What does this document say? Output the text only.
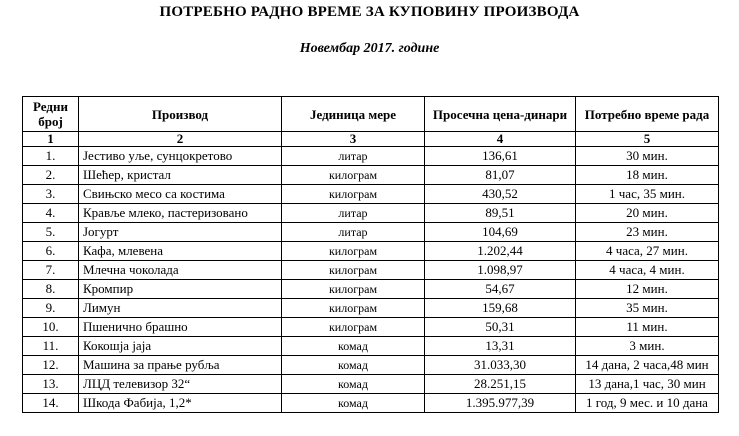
ПОТРЕБНО РАДНО ВРЕМЕ ЗА КУПОВИНУ ПРОИЗВОДА
Новембар 2017. године
Редни број	Производ	Јединица мере	Просечна цена-динари	Потребно време рада
1	2	3	4	5
1.	Јестиво уље, сунцокретово	литар	136,61	30 мин.
2.	Шећер, кристал	килограм	81,07	18 мин.
3.	Свињско месо са костима	килограм	430,52	1 час, 35 мин.
4.	Крављe млеко, пастеризовано	литар	89,51	20 мин.
5.	Јогурт	литар	104,69	23 мин.
6.	Кафа, млевена	килограм	1.202,44	4 часа, 27 мин.
7.	Млечна чоколада	килограм	1.098,97	4 часа, 4 мин.
8.	Кромпир	килограм	54,67	12 мин.
9.	Лимун	килограм	159,68	35 мин.
10.	Пшенично брашно	килограм	50,31	11 мин.
11.	Кокошја јаја	комад	13,31	3 мин.
12.	Машина за прање рубља	комад	31.033,30	14 дана, 2 часа,48 мин
13.	ЛЦД телевизор 32“	комад	28.251,15	13 дана,1 час, 30 мин
14.	Шкода Фабија, 1,2*	комад	1.395.977,39	1 год, 9 мес. и 10 дана
